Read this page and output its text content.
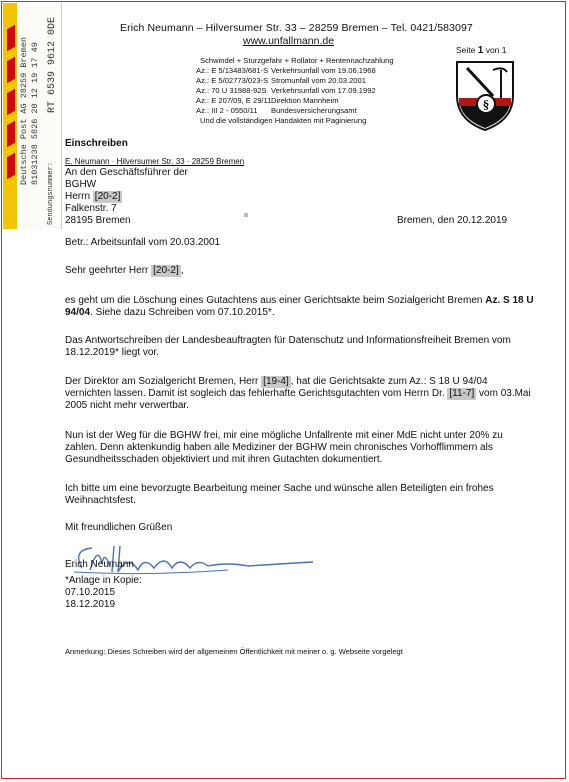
Deutsche Post AG 28259 Bremen 81031238 5826 20 12 19 17 49 RT 6539 9612 0DE
Sendungsnummer:
Erich Neumann – Hilversumer Str. 33 – 28259 Bremen – Tel. 0421/583097
www.unfallmann.de
Schwindel + Sturzgefahr + Rollator + Rentennachzahlung
Az.: E 5/13483/681-S Verkehrsunfall vom 19.06.1968
Az.: E 5/02773/023-S Stromunfall vom 20.03.2001
Az.: 70 U 31988-92S Verkehrsunfall vom 17.09.1992
Az.: E 207/09, E 29/11Direktion Mannheim
Az.: III 2 - 0550/11 Bundesversicherungsamt
Und die vollständigen Handakten mit Paginierung
Seite 1 von 1
§
Einschreiben
E. Neumann · Hilversumer Str. 33 · 28259 Bremen
An den Geschäftsführer der
BGHW
Herrn [20-2]
Falkenstr. 7
28195 Bremen	Bremen, den 20.12.2019
Betr.: Arbeitsunfall vom 20.03.2001
Sehr geehrter Herr [20-2] ,
es geht um die Löschung eines Gutachtens aus einer Gerichtsakte beim Sozialgericht Bremen Az. S 18 U 94/04. Siehe dazu Schreiben vom 07.10.2015*.
Das Antwortschreiben der Landesbeauftragten für Datenschutz und Informationsfreiheit Bremen vom 18.12.2019* liegt vor.
Der Direktor am Sozialgericht Bremen, Herr [19-4] , hat die Gerichtsakte zum Az.: S 18 U 94/04 vernichten lassen. Damit ist sogleich das fehlerhafte Gerichtsgutachten vom Herrn Dr. [11-7] vom 03.Mai 2005 nicht mehr verwertbar.
Nun ist der Weg für die BGHW frei, mir eine mögliche Unfallrente mit einer MdE nicht unter 20% zu zahlen. Denn aktenkundig haben alle Mediziner der BGHW mein chronisches Vorhofflimmern als Gesundheitsschaden objektiviert und mit ihren Gutachten dokumentiert.
Ich bitte um eine bevorzugte Bearbeitung meiner Sache und wünsche allen Beteiligten ein frohes Weihnachtsfest.
Mit freundlichen Grüßen
Erich Neumann
*Anlage in Kopie:
07.10.2015
18.12.2019
Anmerkung: Dieses Schreiben wird der allgemeinen Öffentlichkeit mit meiner o. g. Webseite vorgelegt
